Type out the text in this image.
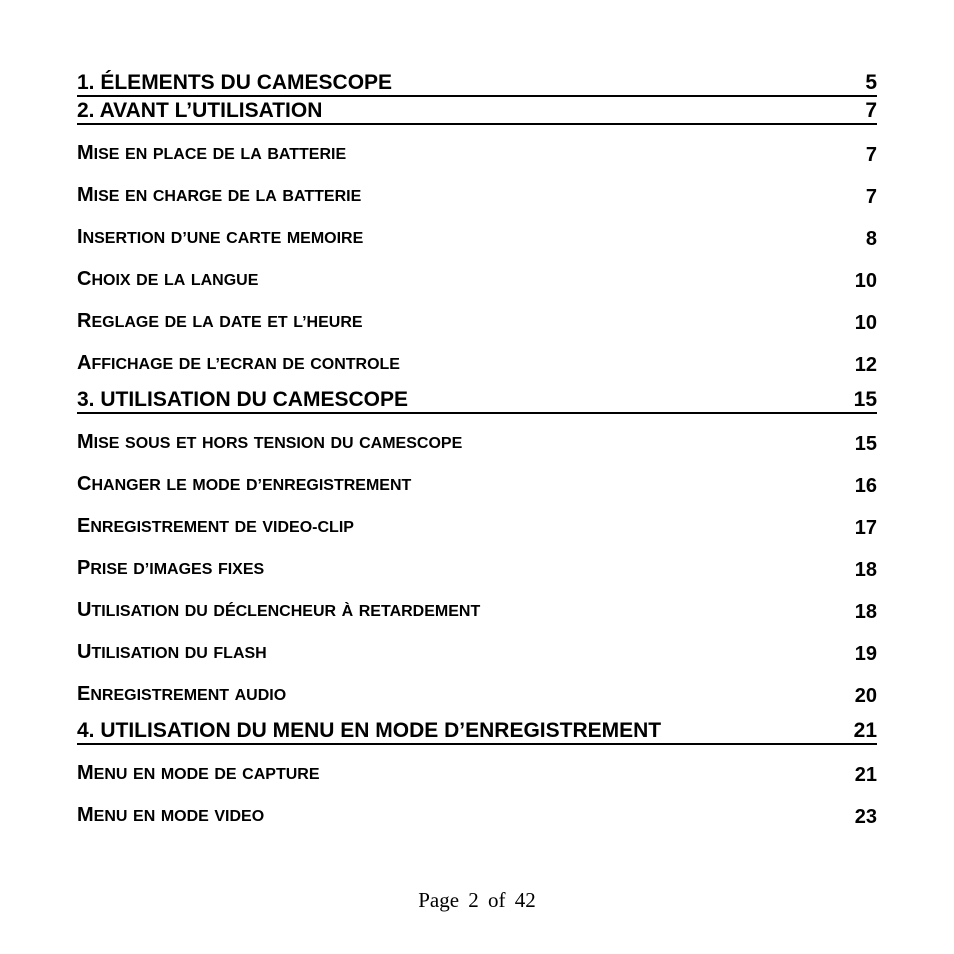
1. ÉLEMENTS DU CAMESCOPE	5
2. AVANT L’UTILISATION	7
MISE EN PLACE DE LA BATTERIE	7
MISE EN CHARGE DE LA BATTERIE	7
INSERTION D’UNE CARTE MEMOIRE	8
CHOIX DE LA LANGUE	10
REGLAGE DE LA DATE ET L’HEURE	10
AFFICHAGE DE L’ECRAN DE CONTROLE	12
3. UTILISATION DU CAMESCOPE	15
MISE SOUS ET HORS TENSION DU CAMESCOPE	15
CHANGER LE MODE D’ENREGISTREMENT	16
ENREGISTREMENT DE VIDEO-CLIP	17
PRISE D’IMAGES FIXES	18
UTILISATION DU DÉCLENCHEUR À RETARDEMENT	18
UTILISATION DU FLASH	19
ENREGISTREMENT AUDIO	20
4. UTILISATION DU MENU EN MODE D’ENREGISTREMENT	21
MENU EN MODE DE CAPTURE	21
MENU EN MODE VIDEO	23
Page 2 of 42
